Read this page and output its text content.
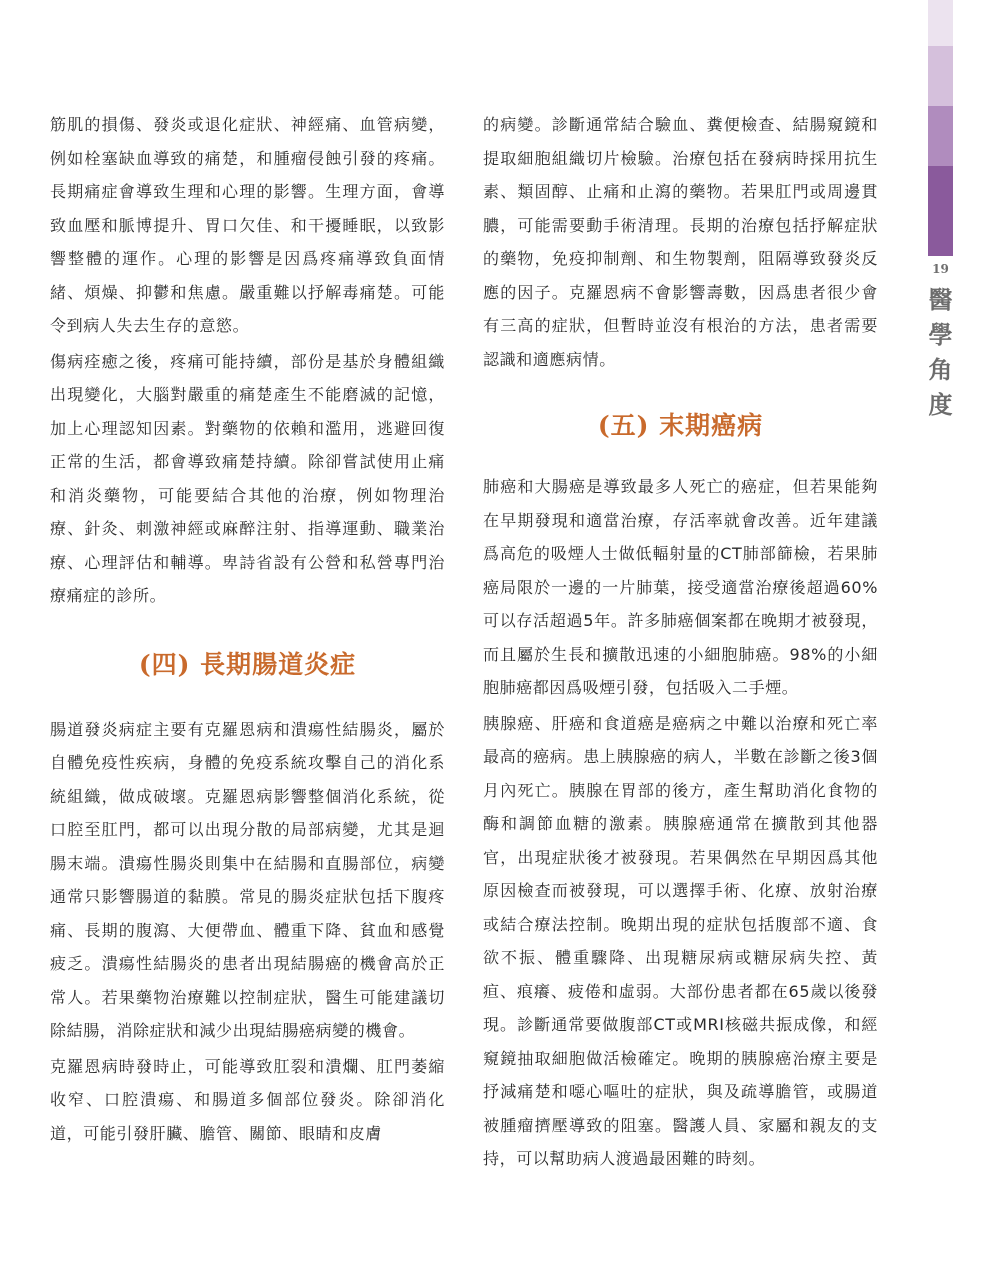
19
醫
學
角
度

筋肌的損傷、發炎或退化症狀、神經痛、血管病變，例如栓塞缺血導致的痛楚，和腫瘤侵蝕引發的疼痛。長期痛症會導致生理和心理的影響。生理方面，會導致血壓和脈博提升、胃口欠佳、和干擾睡眠，以致影響整體的運作。心理的影響是因爲疼痛導致負面情緒、煩燥、抑鬱和焦慮。嚴重難以抒解毒痛楚。可能令到病人失去生存的意慾。

傷病痊癒之後，疼痛可能持續，部份是基於身體組織出現變化，大腦對嚴重的痛楚產生不能磨滅的記憶，加上心理認知因素。對藥物的依賴和濫用，逃避回復正常的生活，都會導致痛楚持續。除卻嘗試使用止痛和消炎藥物，可能要結合其他的治療，例如物理治療、針灸、刺激神經或麻醉注射、指導運動、職業治療、心理評估和輔導。卑詩省設有公營和私營專門治療痛症的診所。

(四) 長期腸道炎症

腸道發炎病症主要有克羅恩病和潰瘍性結腸炎，屬於自體免疫性疾病，身體的免疫系統攻擊自己的消化系統組織，做成破壞。克羅恩病影響整個消化系統，從口腔至肛門，都可以出現分散的局部病變，尤其是迴腸末端。潰瘍性腸炎則集中在結腸和直腸部位，病變通常只影響腸道的黏膜。常見的腸炎症狀包括下腹疼痛、長期的腹瀉、大便帶血、體重下降、貧血和感覺疲乏。潰瘍性結腸炎的患者出現結腸癌的機會高於正常人。若果藥物治療難以控制症狀，醫生可能建議切除結腸，消除症狀和減少出現結腸癌病變的機會。

克羅恩病時發時止，可能導致肛裂和潰爛、肛門萎縮收窄、口腔潰瘍、和腸道多個部位發炎。除卻消化道，可能引發肝臟、膽管、關節、眼睛和皮膚

的病變。診斷通常結合驗血、糞便檢查、結腸窺鏡和提取細胞組織切片檢驗。治療包括在發病時採用抗生素、類固醇、止痛和止瀉的藥物。若果肛門或周邊貫膿，可能需要動手術清理。長期的治療包括抒解症狀的藥物，免疫抑制劑、和生物製劑，阻隔導致發炎反應的因子。克羅恩病不會影響壽數，因爲患者很少會有三高的症狀，但暫時並沒有根治的方法，患者需要認識和適應病情。

(五) 末期癌病

肺癌和大腸癌是導致最多人死亡的癌症，但若果能夠在早期發現和適當治療，存活率就會改善。近年建議爲高危的吸煙人士做低輻射量的CT肺部篩檢，若果肺癌局限於一邊的一片肺葉，接受適當治療後超過60%可以存活超過5年。許多肺癌個案都在晚期才被發現，而且屬於生長和擴散迅速的小細胞肺癌。98%的小細胞肺癌都因爲吸煙引發，包括吸入二手煙。

胰腺癌、肝癌和食道癌是癌病之中難以治療和死亡率最高的癌病。患上胰腺癌的病人，半數在診斷之後3個月內死亡。胰腺在胃部的後方，產生幫助消化食物的酶和調節血糖的激素。胰腺癌通常在擴散到其他器官，出現症狀後才被發現。若果偶然在早期因爲其他原因檢查而被發現，可以選擇手術、化療、放射治療或結合療法控制。晚期出現的症狀包括腹部不適、食欲不振、體重驟降、出現糖尿病或糖尿病失控、黃疸、痕癢、疲倦和虛弱。大部份患者都在65歲以後發現。診斷通常要做腹部CT或MRI核磁共振成像，和經窺鏡抽取細胞做活檢確定。晚期的胰腺癌治療主要是抒減痛楚和噁心嘔吐的症狀，與及疏導膽管，或腸道被腫瘤擠壓導致的阻塞。醫護人員、家屬和親友的支持，可以幫助病人渡過最困難的時刻。
